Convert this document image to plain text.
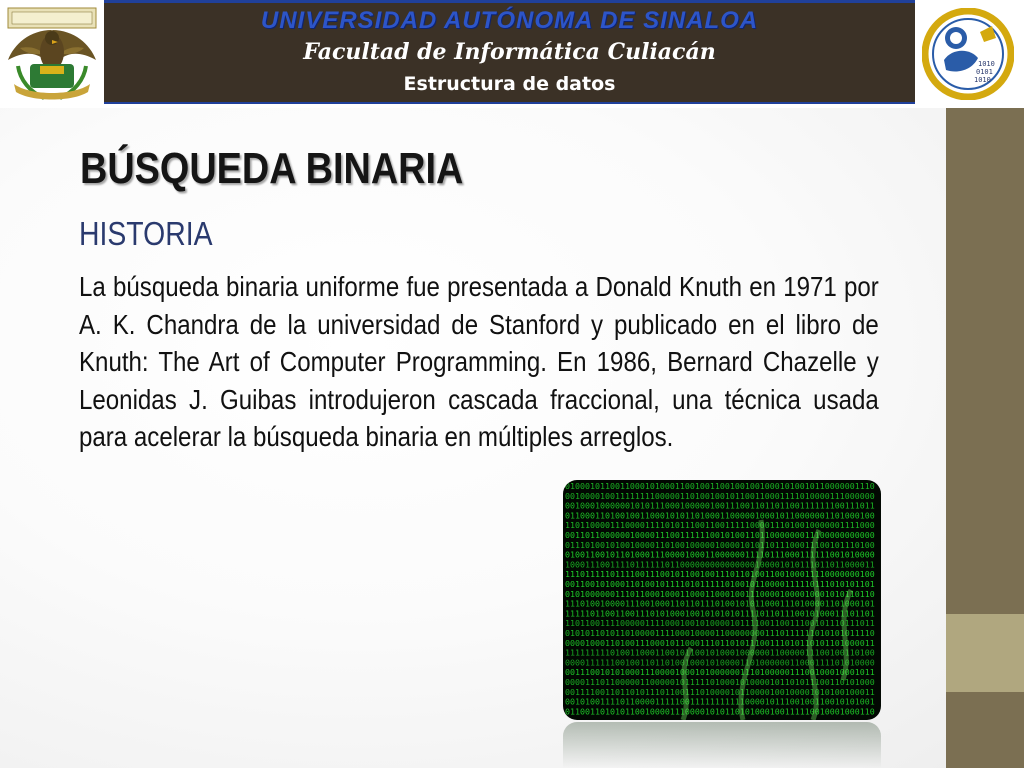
UNIVERSIDAD AUTÓNOMA DE SINALOA
Facultad de Informática Culiacán
Estructura de datos
1010
0101
1010
BÚSQUEDA BINARIA
HISTORIA
La búsqueda binaria uniforme fue presentada a Donald Knuth en 1971 por A. K. Chandra de la universidad de Stanford y publicado en el libro de Knuth: The Art of Computer Programming. En 1986, Bernard Chazelle y Leonidas J. Guibas introdujeron cascada fraccional, una técnica usada para acelerar la búsqueda binaria en múltiples arreglos.
01000101100110001010001100100110010010010001010010110000001110
00100001001111111100000110100100101100110001111010000111000000
00100010000001010111000100000100111001101101100111111100111011
01100011010010011000101011010001100000100010110000001101000100
11011000011100001111010111001100111110000111010010000001111000
00110110000001000011100111111001010011011000000011100000000000
01110100101001000011010010000010000101011011100011100101110100
01001100101101000111000010001100000011110111000111111001010000
10001110011110111111011000000000000000100001010111011011000011
11101111101111001110010110010011101101001100100011110000000100
00110010100011010010111101011111010010110000111110111010101101
01010000001110110001000110001100010011100001000010001010110110
11101001000011100100011011011101001010110001110100001101000101
11111011001100111010100010010101010111101101110010100011101101
11011001111000001111000100101000010111100110011100101110111011
01010110101101000011110001000011000000001110111111010101011110
00001000110100111000101100011101101011100111010110101101000011
11111111101001100011001011001010001000000110000011100100110100
00001111110010011011010010001010000110100000011000111101010000
00111001010100011100001000101000000111010000011100100010001011
00001110110000011000001011111010001010000101101011100110101000
00111100110110101110110011101000010110000100100001010100100011
00101001111011000011111001111111111100001011100100110010101001
01100110101011001000011100001010110101000100111110010001000110
